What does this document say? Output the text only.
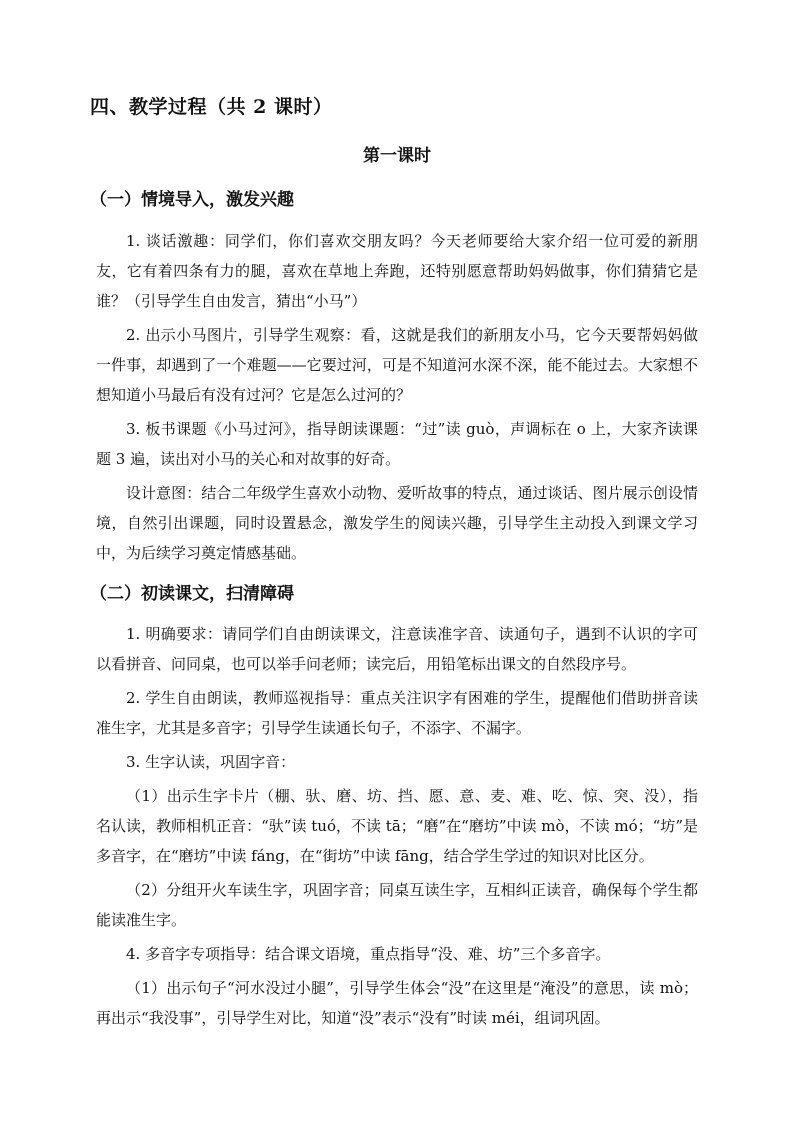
四、教学过程（共 2 课时）
第一课时
（一）情境导入，激发兴趣

1. 谈话激趣：同学们，你们喜欢交朋友吗？今天老师要给大家介绍一位可爱的新朋友，它有着四条有力的腿，喜欢在草地上奔跑，还特别愿意帮助妈妈做事，你们猜猜它是谁？（引导学生自由发言，猜出“小马”）

2. 出示小马图片，引导学生观察：看，这就是我们的新朋友小马，它今天要帮妈妈做一件事，却遇到了一个难题——它要过河，可是不知道河水深不深，能不能过去。大家想不想知道小马最后有没有过河？它是怎么过河的？

3. 板书课题《小马过河》，指导朗读课题：“过”读 guò，声调标在 o 上，大家齐读课题 3 遍，读出对小马的关心和对故事的好奇。

设计意图：结合二年级学生喜欢小动物、爱听故事的特点，通过谈话、图片展示创设情境，自然引出课题，同时设置悬念，激发学生的阅读兴趣，引导学生主动投入到课文学习中，为后续学习奠定情感基础。

（二）初读课文，扫清障碍

1. 明确要求：请同学们自由朗读课文，注意读准字音、读通句子，遇到不认识的字可以看拼音、问同桌，也可以举手问老师；读完后，用铅笔标出课文的自然段序号。

2. 学生自由朗读，教师巡视指导：重点关注识字有困难的学生，提醒他们借助拼音读准生字，尤其是多音字；引导学生读通长句子，不添字、不漏字。

3. 生字认读，巩固字音：

（1）出示生字卡片（棚、驮、磨、坊、挡、愿、意、麦、难、吃、惊、突、没），指名认读，教师相机正音：“驮”读 tuó，不读 tā；“磨”在“磨坊”中读 mò，不读 mó；“坊”是多音字，在“磨坊”中读 fáng，在“街坊”中读 fāng，结合学生学过的知识对比区分。

（2）分组开火车读生字，巩固字音；同桌互读生字，互相纠正读音，确保每个学生都能读准生字。

4. 多音字专项指导：结合课文语境，重点指导“没、难、坊”三个多音字。

（1）出示句子“河水没过小腿”，引导学生体会“没”在这里是“淹没”的意思，读 mò；再出示“我没事”，引导学生对比，知道“没”表示“没有”时读 méi，组词巩固。
